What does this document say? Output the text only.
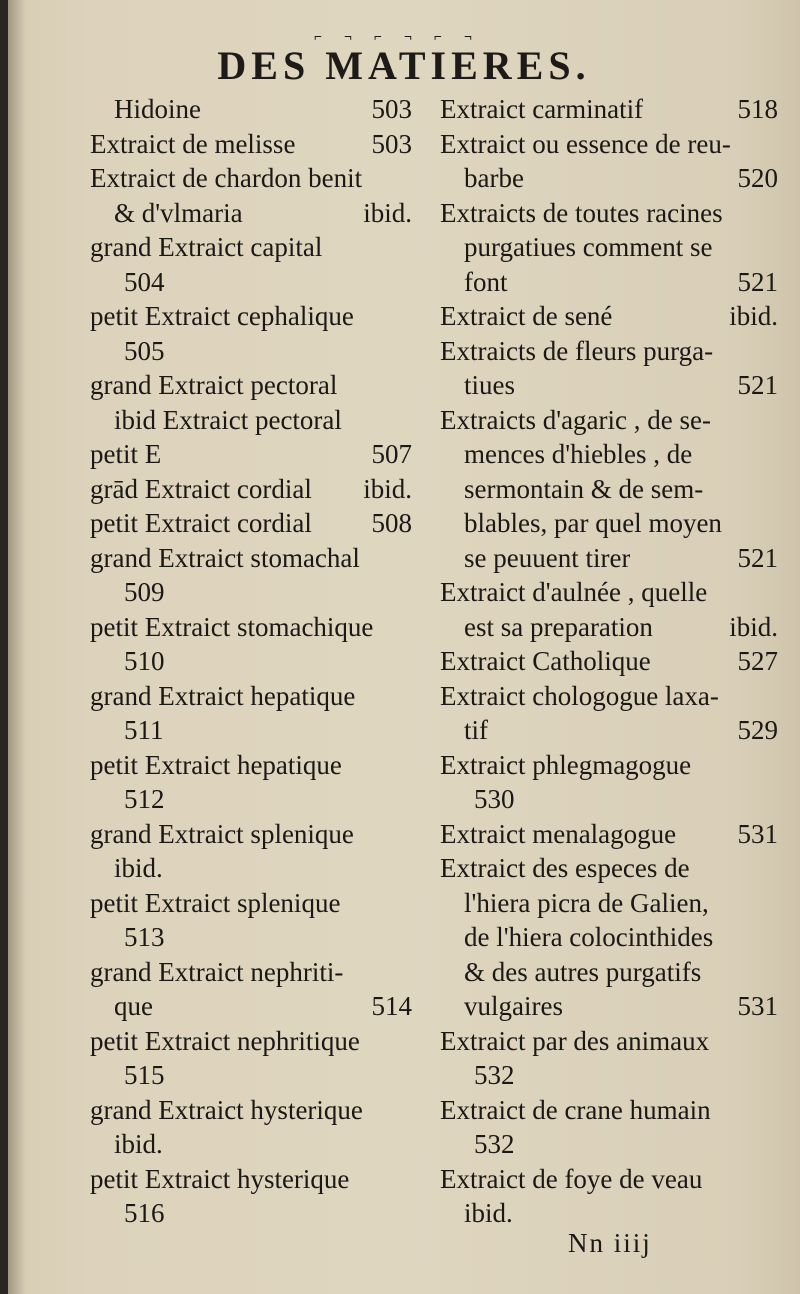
⌐¬⌐¬⌐¬
DES MATIERES.
Hidoine	503
Extraict de melisse	503
Extraict de chardon benit
& d'vlmaria	ibid.
grand Extraict capital
504
petit Extraict cephalique
505
grand Extraict pectoral
ibid Extraict pectoral
petit E	507
grād Extraict cordial ibid.
petit Extraict cordial 508
grand Extraict stomachal
509
petit Extraict stomachique
510
grand Extraict hepatique
511
petit Extraict hepatique
512
grand Extraict splenique
ibid.
petit Extraict splenique
513
grand Extraict nephriti-
que	514
petit Extraict nephritique
515
grand Extraict hysterique
ibid.
petit Extraict hysterique
516
Extraict carminatif	518
Extraict ou essence de reu-
barbe	520
Extraicts de toutes racines
purgatiues comment se
font	521
Extraict de sené	ibid.
Extraicts de fleurs purga-
tiues	521
Extraicts d'agaric , de se-
mences d'hiebles , de
sermontain & de sem-
blables, par quel moyen
se peuuent tirer	521
Extraict d'aulnée , quelle
est sa preparation	ibid.
Extraict Catholique	527
Extraict chologogue laxa-
tif	529
Extraict phlegmagogue
530
Extraict menalagogue 531
Extraict des especes de
l'hiera picra de Galien,
de l'hiera colocinthides
& des autres purgatifs
vulgaires	531
Extraict par des animaux
532
Extraict de crane humain
532
Extraict de foye de veau
ibid.
Nn iiij
